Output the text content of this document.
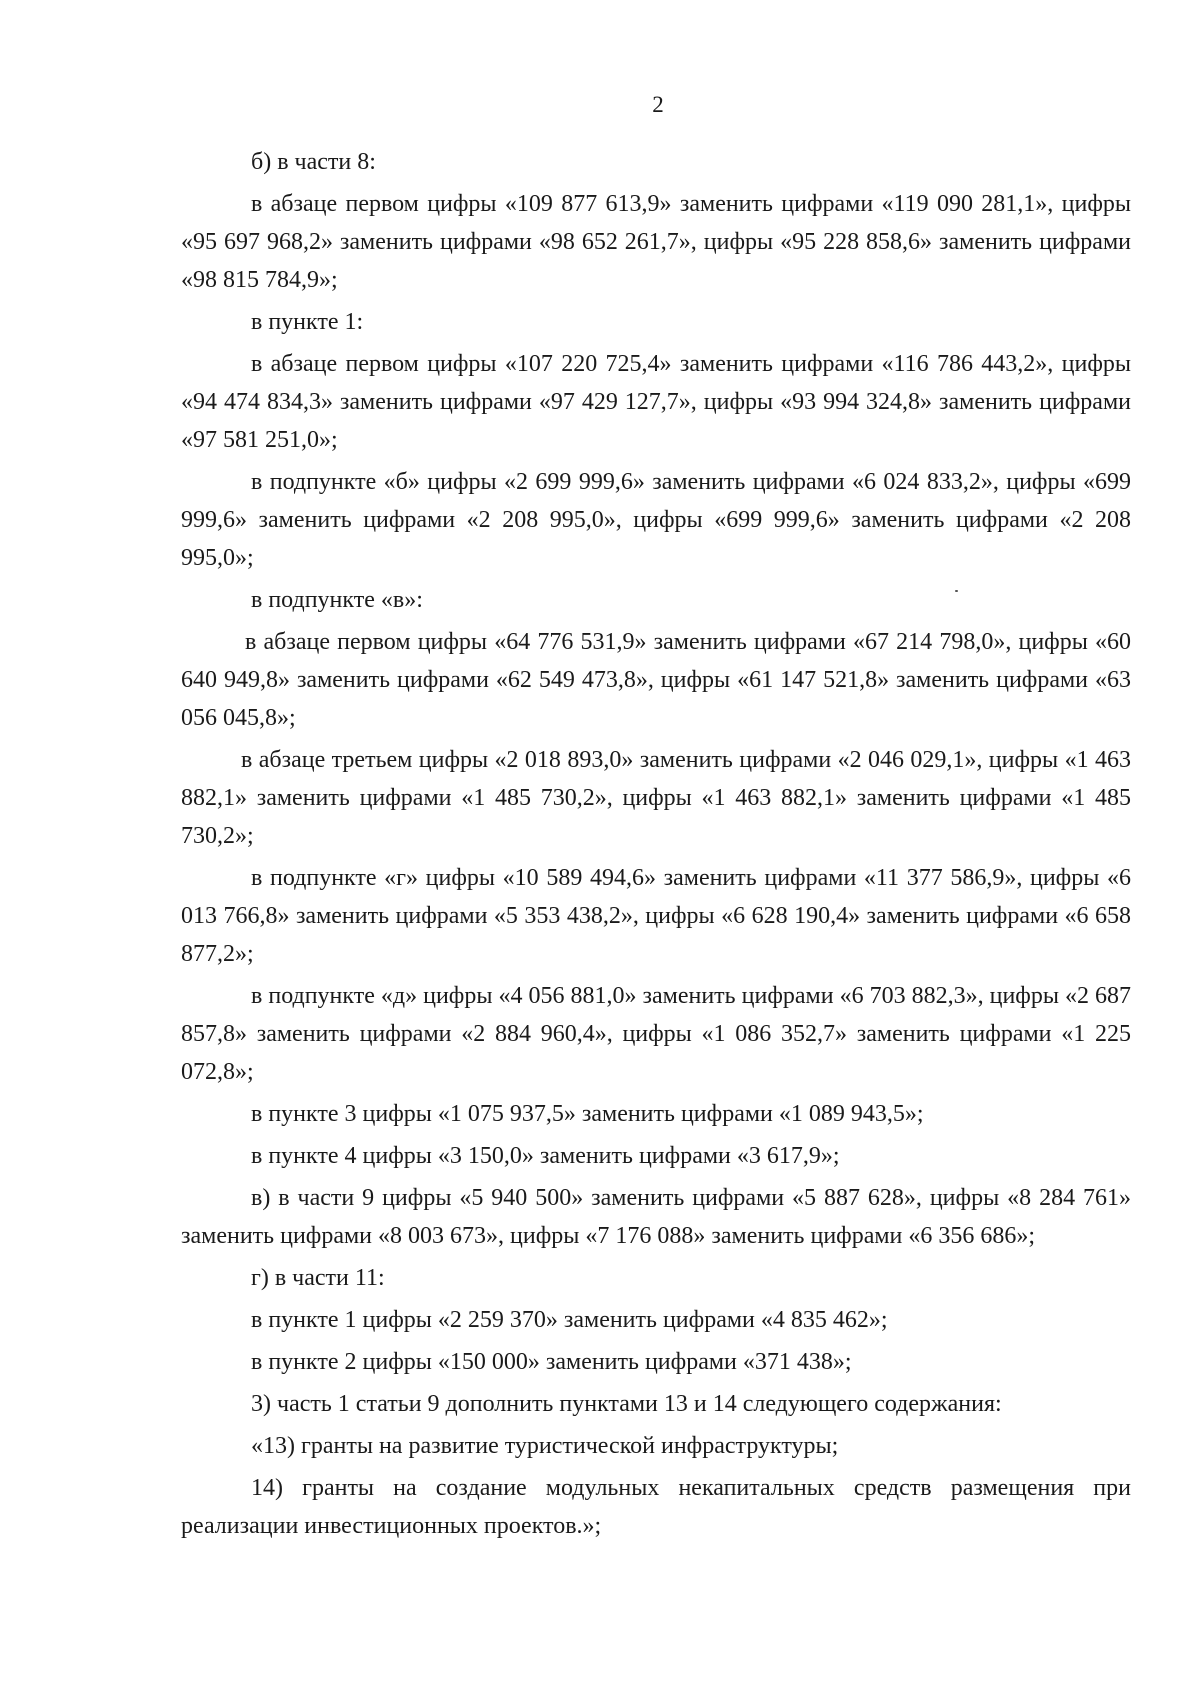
2

б) в части 8:

в абзаце первом цифры «109 877 613,9» заменить цифрами «119 090 281,1», цифры «95 697 968,2» заменить цифрами «98 652 261,7», цифры «95 228 858,6» заменить цифрами «98 815 784,9»;

в пункте 1:

в абзаце первом цифры «107 220 725,4» заменить цифрами «116 786 443,2», цифры «94 474 834,3» заменить цифрами «97 429 127,7», цифры «93 994 324,8» заменить цифрами «97 581 251,0»;

в подпункте «б» цифры «2 699 999,6» заменить цифрами «6 024 833,2», цифры «699 999,6» заменить цифрами «2 208 995,0», цифры «699 999,6» заменить цифрами «2 208 995,0»;

в подпункте «в»:

в абзаце первом цифры «64 776 531,9» заменить цифрами «67 214 798,0», цифры «60 640 949,8» заменить цифрами «62 549 473,8», цифры «61 147 521,8» заменить цифрами «63 056 045,8»;

в абзаце третьем цифры «2 018 893,0» заменить цифрами «2 046 029,1», цифры «1 463 882,1» заменить цифрами «1 485 730,2», цифры «1 463 882,1» заменить цифрами «1 485 730,2»;

в подпункте «г» цифры «10 589 494,6» заменить цифрами «11 377 586,9», цифры «6 013 766,8» заменить цифрами «5 353 438,2», цифры «6 628 190,4» заменить цифрами «6 658 877,2»;

в подпункте «д» цифры «4 056 881,0» заменить цифрами «6 703 882,3», цифры «2 687 857,8» заменить цифрами «2 884 960,4», цифры «1 086 352,7» заменить цифрами «1 225 072,8»;

в пункте 3 цифры «1 075 937,5» заменить цифрами «1 089 943,5»;

в пункте 4 цифры «3 150,0» заменить цифрами «3 617,9»;

в) в части 9 цифры «5 940 500» заменить цифрами «5 887 628», цифры «8 284 761» заменить цифрами «8 003 673», цифры «7 176 088» заменить цифрами «6 356 686»;

г) в части 11:

в пункте 1 цифры «2 259 370» заменить цифрами «4 835 462»;

в пункте 2 цифры «150 000» заменить цифрами «371 438»;

3) часть 1 статьи 9 дополнить пунктами 13 и 14 следующего содержания:

«13) гранты на развитие туристической инфраструктуры;

14) гранты на создание модульных некапитальных средств размещения при реализации инвестиционных проектов.»;
